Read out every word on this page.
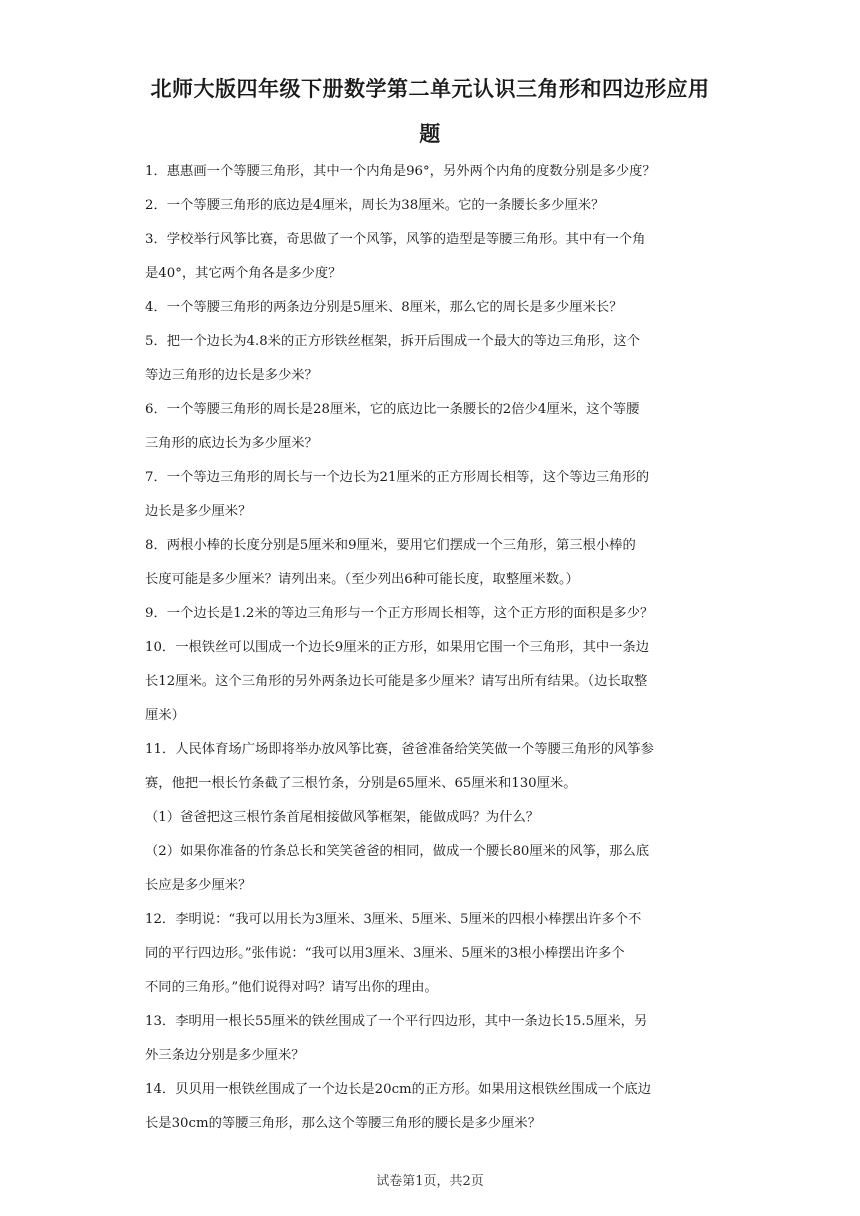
北师大版四年级下册数学第二单元认识三角形和四边形应用
题
1．惠惠画一个等腰三角形，其中一个内角是96°，另外两个内角的度数分别是多少度？
2．一个等腰三角形的底边是4厘米，周长为38厘米。它的一条腰长多少厘米？
3．学校举行风筝比赛，奇思做了一个风筝，风筝的造型是等腰三角形。其中有一个角
是40°，其它两个角各是多少度？
4．一个等腰三角形的两条边分别是5厘米、8厘米，那么它的周长是多少厘米长？
5．把一个边长为4.8米的正方形铁丝框架，拆开后围成一个最大的等边三角形，这个
等边三角形的边长是多少米？
6．一个等腰三角形的周长是28厘米，它的底边比一条腰长的2倍少4厘米，这个等腰
三角形的底边长为多少厘米？
7．一个等边三角形的周长与一个边长为21厘米的正方形周长相等，这个等边三角形的
边长是多少厘米？
8．两根小棒的长度分别是5厘米和9厘米，要用它们摆成一个三角形，第三根小棒的
长度可能是多少厘米？请列出来。（至少列出6种可能长度，取整厘米数。）
9．一个边长是1.2米的等边三角形与一个正方形周长相等，这个正方形的面积是多少？
10．一根铁丝可以围成一个边长9厘米的正方形，如果用它围一个三角形，其中一条边
长12厘米。这个三角形的另外两条边长可能是多少厘米？请写出所有结果。（边长取整
厘米）
11．人民体育场广场即将举办放风筝比赛，爸爸准备给笑笑做一个等腰三角形的风筝参
赛，他把一根长竹条截了三根竹条，分别是65厘米、65厘米和130厘米。
（1）爸爸把这三根竹条首尾相接做风筝框架，能做成吗？为什么？
（2）如果你准备的竹条总长和笑笑爸爸的相同，做成一个腰长80厘米的风筝，那么底
长应是多少厘米？
12．李明说：“我可以用长为3厘米、3厘米、5厘米、5厘米的四根小棒摆出许多个不
同的平行四边形。”张伟说：“我可以用3厘米、3厘米、5厘米的3根小棒摆出许多个
不同的三角形。”他们说得对吗？请写出你的理由。
13．李明用一根长55厘米的铁丝围成了一个平行四边形，其中一条边长15.5厘米，另
外三条边分别是多少厘米？
14．贝贝用一根铁丝围成了一个边长是20cm的正方形。如果用这根铁丝围成一个底边
长是30cm的等腰三角形，那么这个等腰三角形的腰长是多少厘米？
试卷第1页，共2页
